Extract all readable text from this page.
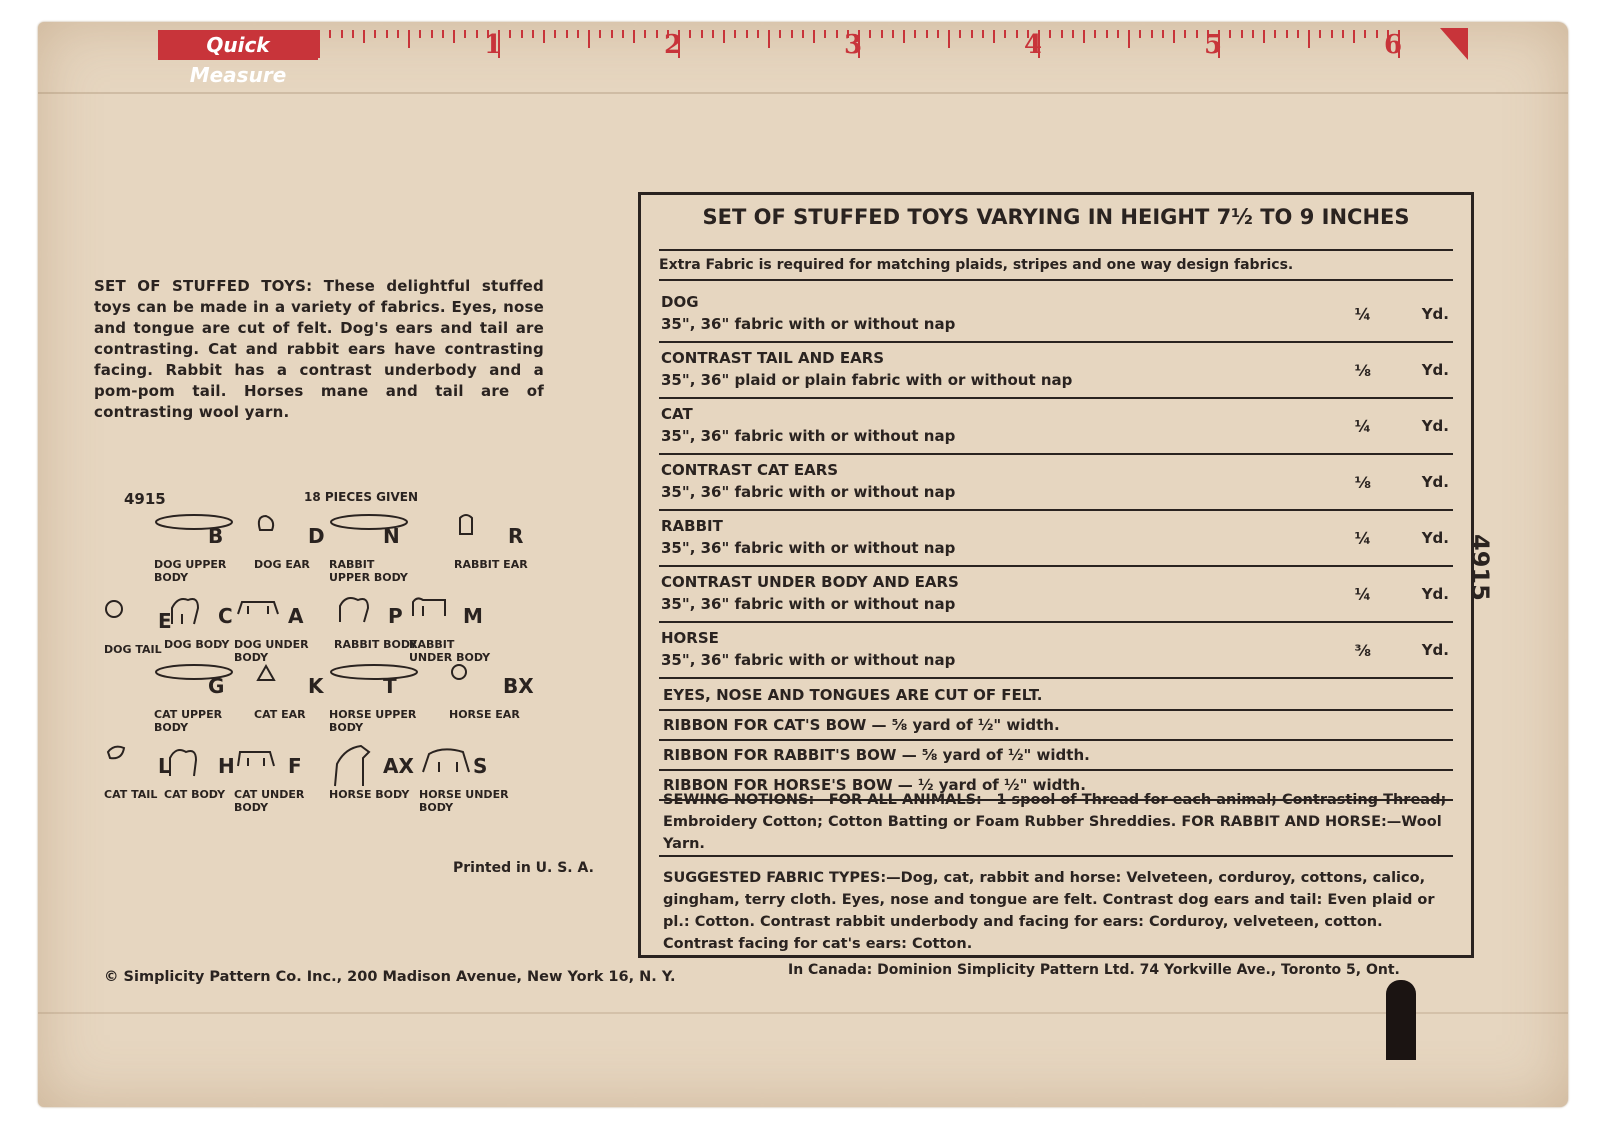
Quick Measure
1	2	3	4	5	6
SET OF STUFFED TOYS: These delightful stuffed toys can be made in a variety of fabrics. Eyes, nose and tongue are cut of felt. Dog's ears and tail are contrasting. Cat and rabbit ears have contrasting facing. Rabbit has a contrast underbody and a pom-pom tail. Horses mane and tail are of contrasting wool yarn.
4915	18 PIECES GIVEN
B
DOG UPPER BODY
D
DOG EAR
N
RABBIT UPPER BODY
R
RABBIT EAR
E
DOG TAIL
C
DOG BODY
A
DOG UNDER BODY
P
RABBIT BODY
M
RABBIT UNDER BODY
G
CAT UPPER BODY
K
CAT EAR
T
HORSE UPPER BODY
BX
HORSE EAR
L
CAT TAIL
H
CAT BODY
F
CAT UNDER BODY
AX
HORSE BODY
S
HORSE UNDER BODY
Printed in U. S. A.
SET OF STUFFED TOYS VARYING IN HEIGHT 7½ TO 9 INCHES
Extra Fabric is required for matching plaids, stripes and one way design fabrics.
DOG
35", 36" fabric with or without nap	¼	Yd.
CONTRAST TAIL AND EARS
35", 36" plaid or plain fabric with or without nap	⅛	Yd.
CAT
35", 36" fabric with or without nap	¼	Yd.
CONTRAST CAT EARS
35", 36" fabric with or without nap	⅛	Yd.
RABBIT
35", 36" fabric with or without nap	¼	Yd.
CONTRAST UNDER BODY AND EARS
35", 36" fabric with or without nap	¼	Yd.
HORSE
35", 36" fabric with or without nap	⅜	Yd.
EYES, NOSE AND TONGUES ARE CUT OF FELT.
RIBBON FOR CAT'S BOW — ⅝ yard of ½" width.
RIBBON FOR RABBIT'S BOW — ⅝ yard of ½" width.
RIBBON FOR HORSE'S BOW — ½ yard of ½" width.
SEWING NOTIONS:—FOR ALL ANIMALS:—1 spool of Thread for each animal; Contrasting Thread; Embroidery Cotton; Cotton Batting or Foam Rubber Shreddies. FOR RABBIT AND HORSE:—Wool Yarn.
SUGGESTED FABRIC TYPES:—Dog, cat, rabbit and horse: Velveteen, corduroy, cottons, calico, gingham, terry cloth. Eyes, nose and tongue are felt. Contrast dog ears and tail: Even plaid or pl.: Cotton. Contrast rabbit underbody and facing for ears: Corduroy, velveteen, cotton. Contrast facing for cat's ears: Cotton.
4915
© Simplicity Pattern Co. Inc., 200 Madison Avenue, New York 16, N. Y.	In Canada: Dominion Simplicity Pattern Ltd. 74 Yorkville Ave., Toronto 5, Ont.
